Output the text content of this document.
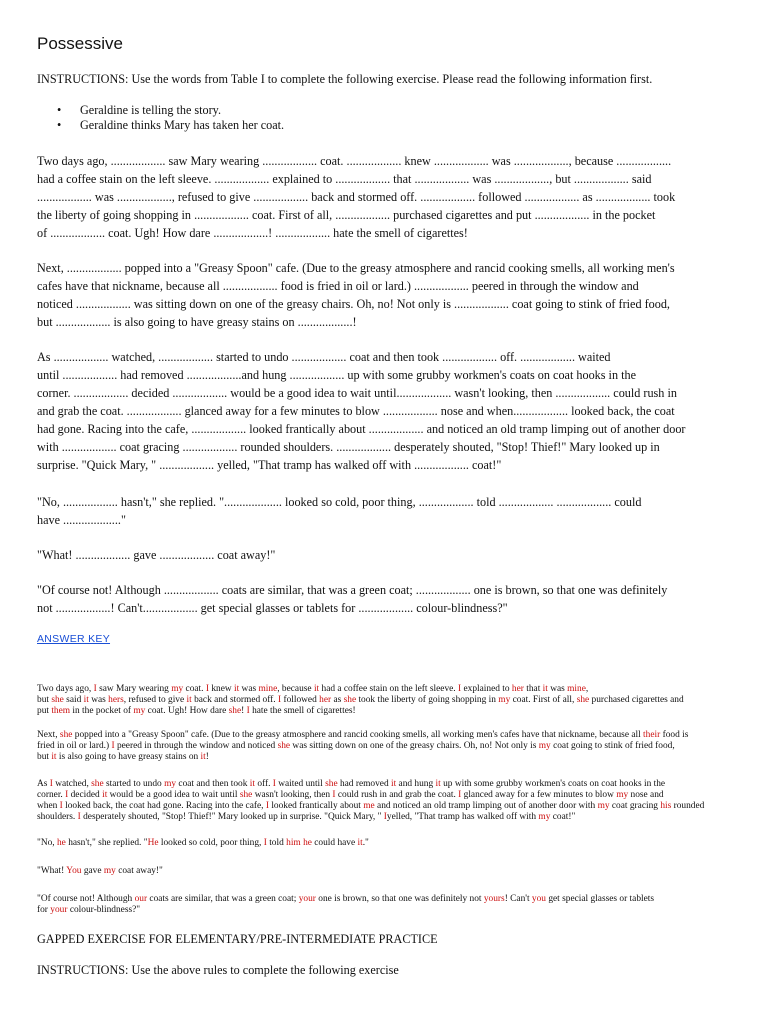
Possessive

INSTRUCTIONS: Use the words from Table I to complete the following exercise. Please read the following information first.

• Geraldine is telling the story.
• Geraldine thinks Mary has taken her coat.

Two days ago, .................. saw Mary wearing .................. coat. .................. knew .................. was .................., because ..................
had a coffee stain on the left sleeve. .................. explained to .................. that .................. was .................., but .................. said
.................. was .................., refused to give .................. back and stormed off. .................. followed .................. as .................. took
the liberty of going shopping in .................. coat. First of all, .................. purchased cigarettes and put .................. in the pocket
of .................. coat. Ugh! How dare ..................! .................. hate the smell of cigarettes!

Next, .................. popped into a "Greasy Spoon" cafe. (Due to the greasy atmosphere and rancid cooking smells, all working men's
cafes have that nickname, because all .................. food is fried in oil or lard.) .................. peered in through the window and
noticed .................. was sitting down on one of the greasy chairs. Oh, no! Not only is .................. coat going to stink of fried food,
but .................. is also going to have greasy stains on ..................!

As .................. watched, .................. started to undo .................. coat and then took .................. off. .................. waited
until .................. had removed ..................and hung .................. up with some grubby workmen's coats on coat hooks in the
corner. .................. decided .................. would be a good idea to wait until.................. wasn't looking, then .................. could rush in
and grab the coat. .................. glanced away for a few minutes to blow .................. nose and when.................. looked back, the coat
had gone. Racing into the cafe, .................. looked frantically about .................. and noticed an old tramp limping out of another door
with .................. coat gracing .................. rounded shoulders. .................. desperately shouted, "Stop! Thief!" Mary looked up in
surprise. "Quick Mary, " .................. yelled, "That tramp has walked off with .................. coat!"

"No, .................. hasn't," she replied. "................... looked so cold, poor thing, .................. told .................. .................. could
have ..................."

"What! .................. gave .................. coat away!"

"Of course not! Although .................. coats are similar, that was a green coat; .................. one is brown, so that one was definitely
not ..................! Can't.................. get special glasses or tablets for .................. colour-blindness?"

ANSWER KEY

Two days ago, I saw Mary wearing my coat. I knew it was mine, because it had a coffee stain on the left sleeve. I explained to her that it was mine,
but she said it was hers, refused to give it back and stormed off. I followed her as she took the liberty of going shopping in my coat. First of all, she purchased cigarettes and
put them in the pocket of my coat. Ugh! How dare she! I hate the smell of cigarettes!

Next, she popped into a "Greasy Spoon" cafe. (Due to the greasy atmosphere and rancid cooking smells, all working men's cafes have that nickname, because all their food is
fried in oil or lard.) I peered in through the window and noticed she was sitting down on one of the greasy chairs. Oh, no! Not only is my coat going to stink of fried food,
but it is also going to have greasy stains on it!

As I watched, she started to undo my coat and then took it off. I waited until she had removed it and hung it up with some grubby workmen's coats on coat hooks in the
corner. I decided it would be a good idea to wait until she wasn't looking, then I could rush in and grab the coat. I glanced away for a few minutes to blow my nose and
when I looked back, the coat had gone. Racing into the cafe, I looked frantically about me and noticed an old tramp limping out of another door with my coat gracing his rounded
shoulders. I desperately shouted, "Stop! Thief!" Mary looked up in surprise. "Quick Mary, " Iyelled, "That tramp has walked off with my coat!"

"No, he hasn't," she replied. "He looked so cold, poor thing, I told him he could have it."

"What! You gave my coat away!"

"Of course not! Although our coats are similar, that was a green coat; your one is brown, so that one was definitely not yours! Can't you get special glasses or tablets
for your colour-blindness?"

GAPPED EXERCISE FOR ELEMENTARY/PRE-INTERMEDIATE PRACTICE

INSTRUCTIONS: Use the above rules to complete the following exercise
